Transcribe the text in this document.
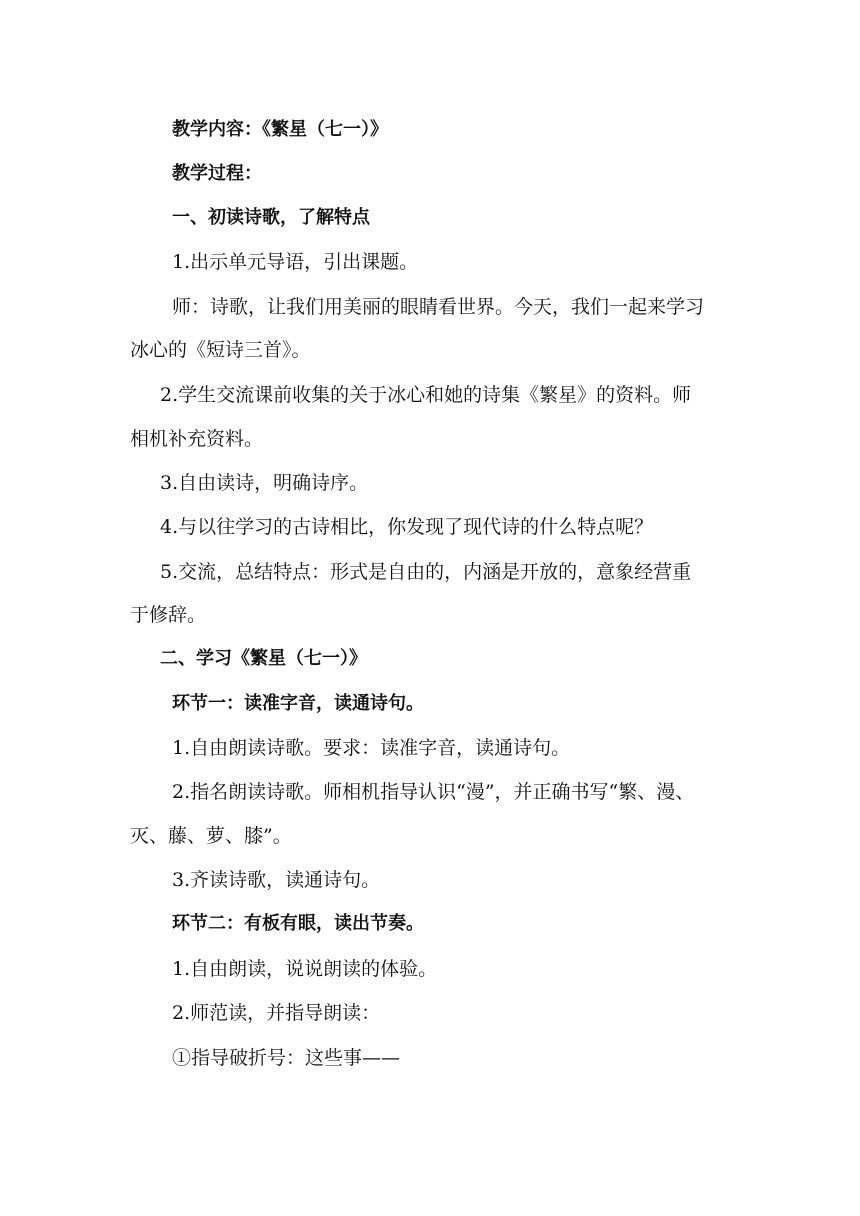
教学内容：《繁星（七一）》
教学过程：
一、初读诗歌，了解特点
1.出示单元导语，引出课题。
师：诗歌，让我们用美丽的眼睛看世界。今天，我们一起来学习
冰心的《短诗三首》。
2.学生交流课前收集的关于冰心和她的诗集《繁星》的资料。师
相机补充资料。
3.自由读诗，明确诗序。
4.与以往学习的古诗相比，你发现了现代诗的什么特点呢？
5.交流，总结特点：形式是自由的，内涵是开放的，意象经营重
于修辞。
二、学习《繁星（七一）》
环节一：读准字音，读通诗句。
1.自由朗读诗歌。要求：读准字音，读通诗句。
2.指名朗读诗歌。师相机指导认识“漫”，并正确书写“繁、漫、
灭、藤、萝、膝”。
3.齐读诗歌，读通诗句。
环节二：有板有眼，读出节奏。
1.自由朗读，说说朗读的体验。
2.师范读，并指导朗读：
①指导破折号：这些事——
